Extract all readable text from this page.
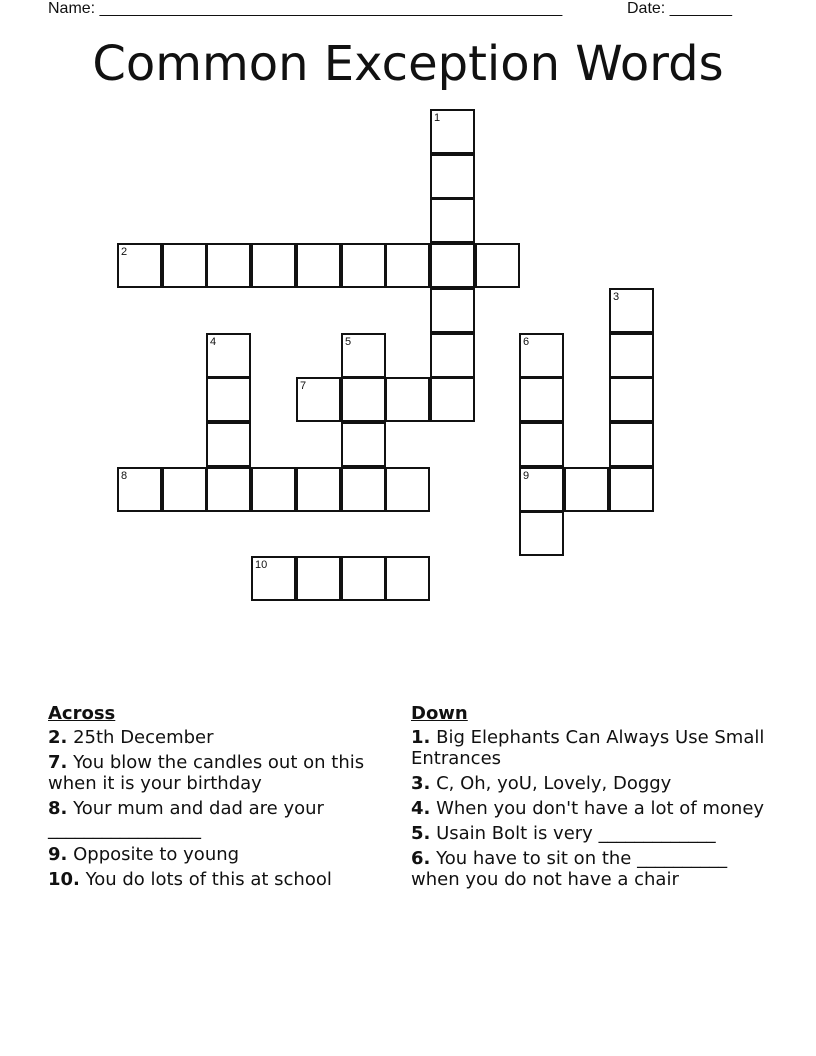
Name: ____________________________________________________	Date: _______
Common Exception Words
1
2
3
4	5	6
9
7
8
10
Across
2. 25th December
7. You blow the candles out on this when it is your birthday
8. Your mum and dad are your _________________
9. Opposite to young
10. You do lots of this at school
Down
1. Big Elephants Can Always Use Small Entrances
3. C, Oh, yoU, Lovely, Doggy
4. When you don't have a lot of money
5. Usain Bolt is very _____________
6. You have to sit on the __________ when you do not have a chair
